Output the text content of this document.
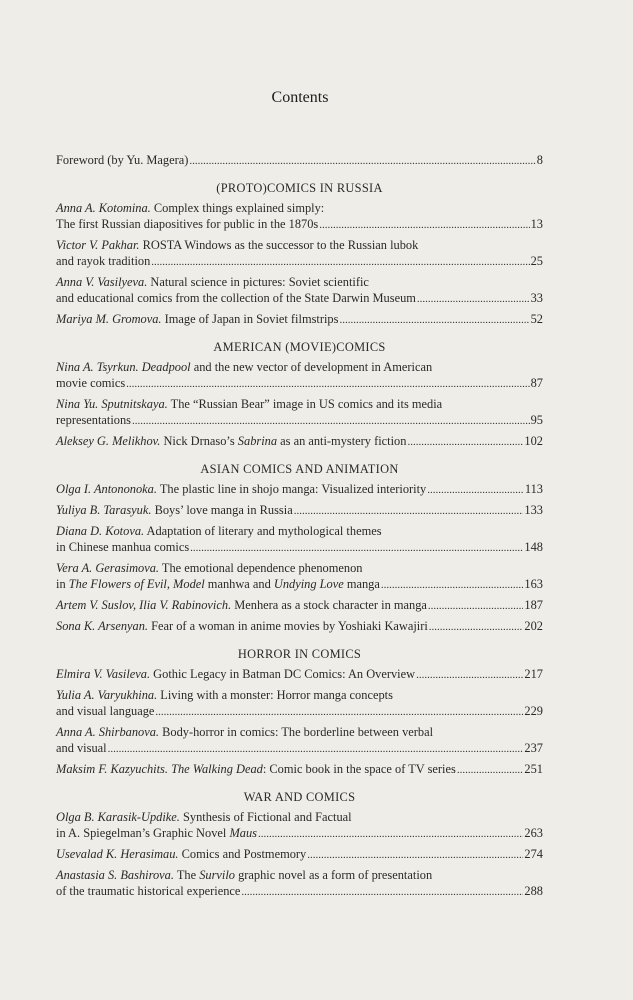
Contents
Foreword (by Yu. Magera) .....	8
(PROTO)COMICS IN RUSSIA
Anna A. Kotomina. Complex things explained simply:
The first Russian diapositives for public in the 1870s .....	13
Victor V. Pakhar. ROSTA Windows as the successor to the Russian lubok
and rayok tradition .....	25
Anna V. Vasilyeva. Natural science in pictures: Soviet scientific
and educational comics from the collection of the State Darwin Museum .....	33
Mariya M. Gromova. Image of Japan in Soviet filmstrips .....	52
AMERICAN (MOVIE)COMICS
Nina A. Tsyrkun. Deadpool and the new vector of development in American
movie comics .....	87
Nina Yu. Sputnitskaya. The “Russian Bear” image in US comics and its media
representations .....	95
Aleksey G. Melikhov. Nick Drnaso’s Sabrina as an anti-mystery fiction .....	102
ASIAN COMICS AND ANIMATION
Olga I. Antononoka. The plastic line in shojo manga: Visualized interiority .....	113
Yuliya B. Tarasyuk. Boys’ love manga in Russia .....	133
Diana D. Kotova. Adaptation of literary and mythological themes
in Chinese manhua comics .....	148
Vera A. Gerasimova. The emotional dependence phenomenon
in The Flowers of Evil, Model manhwa and Undying Love manga .....	163
Artem V. Suslov, Ilia V. Rabinovich. Menhera as a stock character in manga .....	187
Sona K. Arsenyan. Fear of a woman in anime movies by Yoshiaki Kawajiri .....	202
HORROR IN COMICS
Elmira V. Vasileva. Gothic Legacy in Batman DC Comics: An Overview .....	217
Yulia A. Varyukhina. Living with a monster: Horror manga concepts
and visual language .....	229
Anna A. Shirbanova. Body-horror in comics: The borderline between verbal
and visual .....	237
Maksim F. Kazyuchits. The Walking Dead: Comic book in the space of TV series .....	251
WAR AND COMICS
Olga B. Karasik-Updike. Synthesis of Fictional and Factual
in A. Spiegelman’s Graphic Novel Maus .....	263
Usevalad K. Herasimau. Comics and Postmemory .....	274
Anastasia S. Bashirova. The Survilo graphic novel as a form of presentation
of the traumatic historical experience .....	288
